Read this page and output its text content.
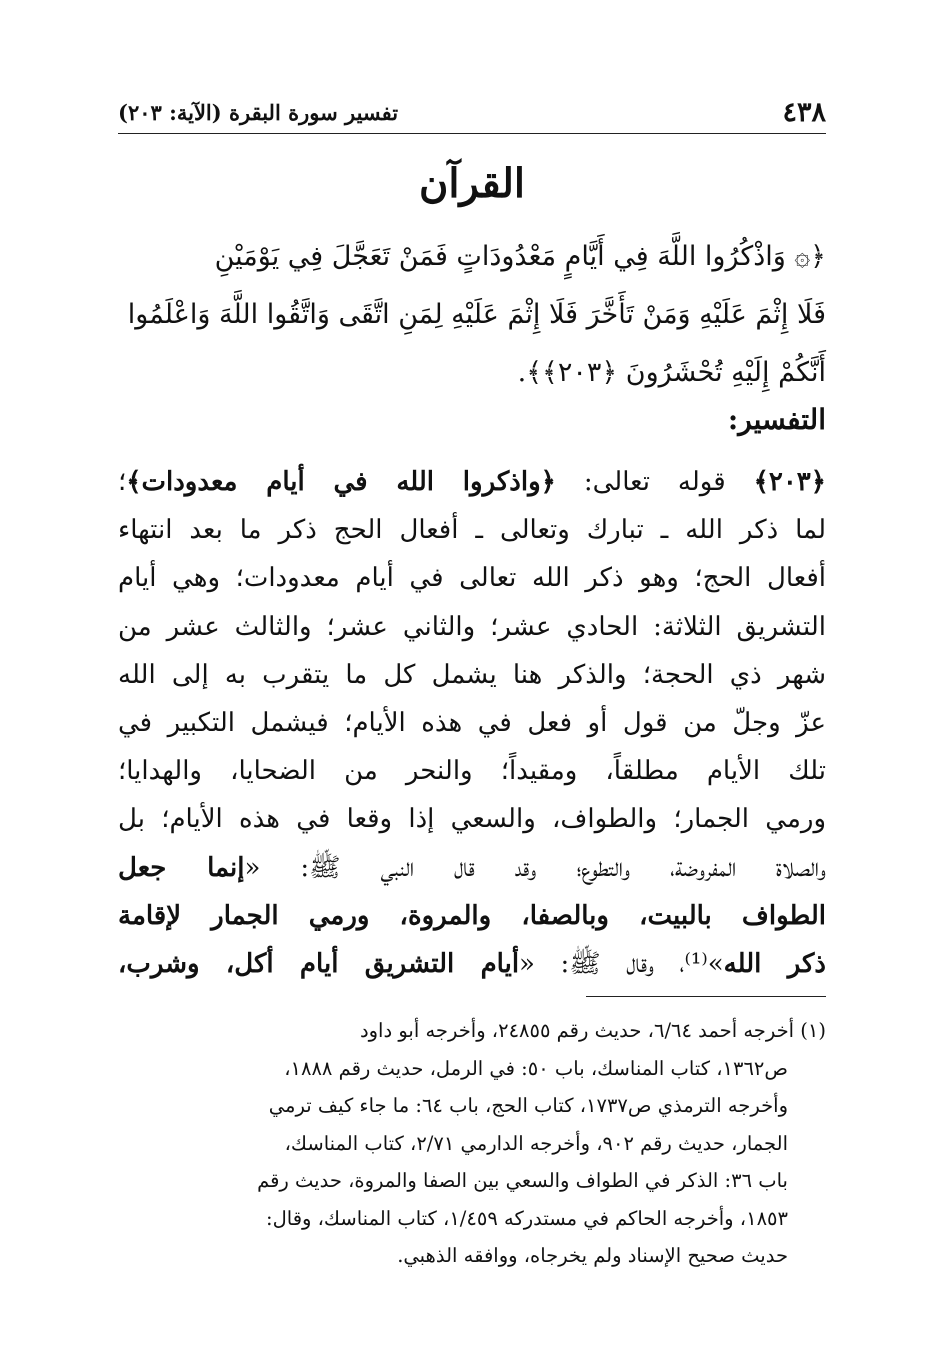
٤٣٨
تفسير سورة البقرة (الآية: ٢٠٣)
القرآن
﴿۞ وَاذْكُرُوا اللَّهَ فِي أَيَّامٍ مَعْدُودَاتٍ فَمَنْ تَعَجَّلَ فِي يَوْمَيْنِ
فَلَا إِثْمَ عَلَيْهِ وَمَنْ تَأَخَّرَ فَلَا إِثْمَ عَلَيْهِ لِمَنِ اتَّقَى وَاتَّقُوا اللَّهَ وَاعْلَمُوا
أَنَّكُمْ إِلَيْهِ تُحْشَرُونَ ﴿٢٠٣﴾﴾.
التفسير:
﴿٢٠٣﴾ قوله تعالى: ﴿واذكروا الله في أيام معدودات﴾؛
لما ذكر الله ـ تبارك وتعالى ـ أفعال الحج ذكر ما بعد انتهاء
أفعال الحج؛ وهو ذكر الله تعالى في أيام معدودات؛ وهي أيام
التشريق الثلاثة: الحادي عشر؛ والثاني عشر؛ والثالث عشر من
شهر ذي الحجة؛ والذكر هنا يشمل كل ما يتقرب به إلى الله
عزّ وجلّ من قول أو فعل في هذه الأيام؛ فيشمل التكبير في
تلك الأيام مطلقاً، ومقيداً؛ والنحر من الضحايا، والهدايا؛
ورمي الجمار؛ والطواف، والسعي إذا وقعا في هذه الأيام؛ بل
والصلاة المفروضة، والتطوع؛ وقد قال النبي ﷺ: «إنما جعل
الطواف بالبيت، وبالصفا، والمروة، ورمي الجمار لإقامة
ذكر الله»⁽¹⁾، وقال ﷺ: «أيام التشريق أيام أكل، وشرب،
(١) أخرجه أحمد ٦/٦٤، حديث رقم ٢٤٨٥٥، وأخرجه أبو داود
ص١٣٦٢، كتاب المناسك، باب ٥٠: في الرمل، حديث رقم ١٨٨٨،
وأخرجه الترمذي ص١٧٣٧، كتاب الحج، باب ٦٤: ما جاء كيف ترمي
الجمار، حديث رقم ٩٠٢، وأخرجه الدارمي ٢/٧١، كتاب المناسك،
باب ٣٦: الذكر في الطواف والسعي بين الصفا والمروة، حديث رقم
١٨٥٣، وأخرجه الحاكم في مستدركه ١/٤٥٩، كتاب المناسك، وقال:
حديث صحيح الإسناد ولم يخرجاه، ووافقه الذهبي.
